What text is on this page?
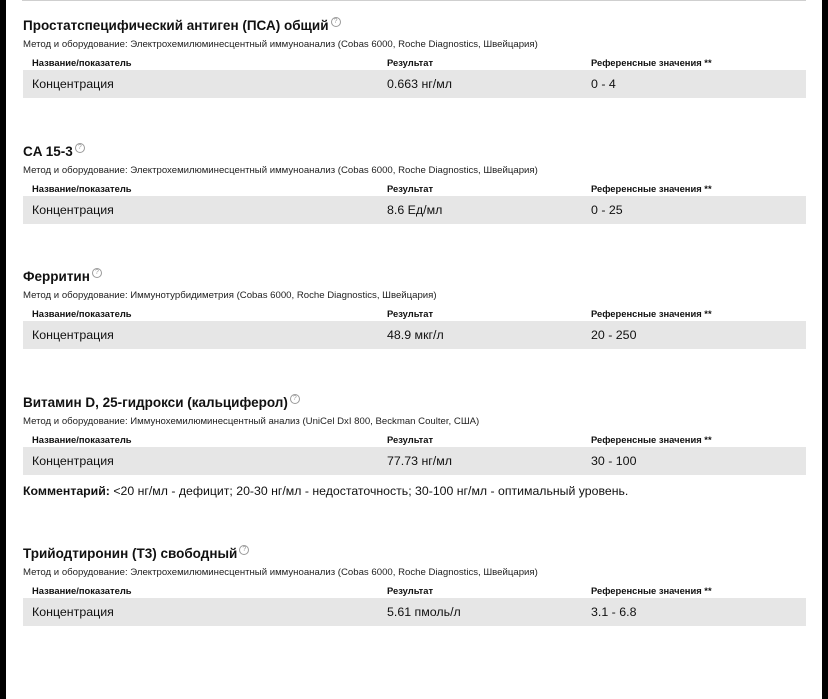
Простатспецифический антиген (ПСА) общий ?
Метод и оборудование: Электрохемилюминесцентный иммуноанализ (Cobas 6000, Roche Diagnostics, Швейцария)
Название/показатель	Результат	Референсные значения **
Концентрация	0.663 нг/мл	0 - 4
CA 15-3 ?
Метод и оборудование: Электрохемилюминесцентный иммуноанализ (Cobas 6000, Roche Diagnostics, Швейцария)
Название/показатель	Результат	Референсные значения **
Концентрация	8.6 Ед/мл	0 - 25
Ферритин ?
Метод и оборудование: Иммунотурбидиметрия (Cobas 6000, Roche Diagnostics, Швейцария)
Название/показатель	Результат	Референсные значения **
Концентрация	48.9 мкг/л	20 - 250
Витамин D, 25-гидрокси (кальциферол) ?
Метод и оборудование: Иммунохемилюминесцентный анализ (UniCel DxI 800, Beckman Coulter, США)
Название/показатель	Результат	Референсные значения **
Концентрация	77.73 нг/мл	30 - 100
Комментарий: <20 нг/мл - дефицит; 20-30 нг/мл - недостаточность; 30-100 нг/мл - оптимальный уровень.
Трийодтиронин (Т3) свободный ?
Метод и оборудование: Электрохемилюминесцентный иммуноанализ (Cobas 6000, Roche Diagnostics, Швейцария)
Название/показатель	Результат	Референсные значения **
Концентрация	5.61 пмоль/л	3.1 - 6.8
